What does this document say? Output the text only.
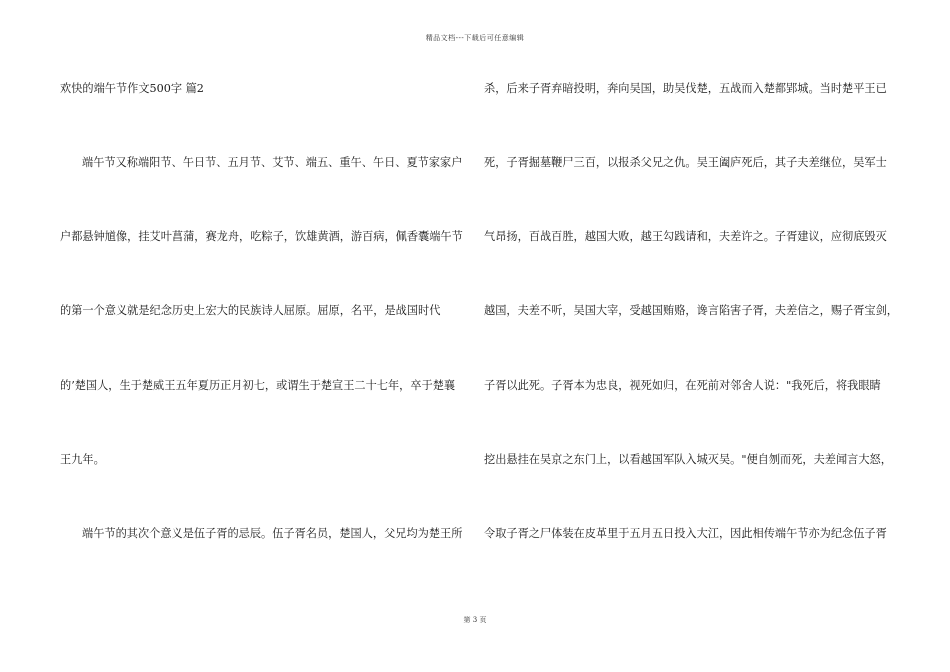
精品文档---下载后可任意编辑
欢快的端午节作文500字 篇2
端午节又称端阳节、午日节、五月节、艾节、端五、重午、午日、夏节家家户
户都悬钟馗像，挂艾叶菖蒲，赛龙舟，吃粽子，饮雄黄酒，游百病，佩香囊端午节
的第一个意义就是纪念历史上宏大的民族诗人屈原。屈原，名平，是战国时代
的’楚国人，生于楚威王五年夏历正月初七，或谓生于楚宣王二十七年，卒于楚襄
王九年。
端午节的其次个意义是伍子胥的忌辰。伍子胥名员，楚国人，父兄均为楚王所
杀，后来子胥弃暗投明，奔向吴国，助吴伐楚，五战而入楚都郢城。当时楚平王已
死，子胥掘墓鞭尸三百，以报杀父兄之仇。吴王阖庐死后，其子夫差继位，吴军士
气昂扬，百战百胜，越国大败，越王勾践请和，夫差许之。子胥建议，应彻底毁灭
越国，夫差不听，吴国大宰，受越国贿赂，谗言陷害子胥，夫差信之，赐子胥宝剑，
子胥以此死。子胥本为忠良，视死如归，在死前对邻舍人说："我死后，将我眼睛
挖出悬挂在吴京之东门上，以看越国军队入城灭吴。"便自刎而死，夫差闻言大怒，
令取子胥之尸体装在皮革里于五月五日投入大江，因此相传端午节亦为纪念伍子胥
第 3 页
